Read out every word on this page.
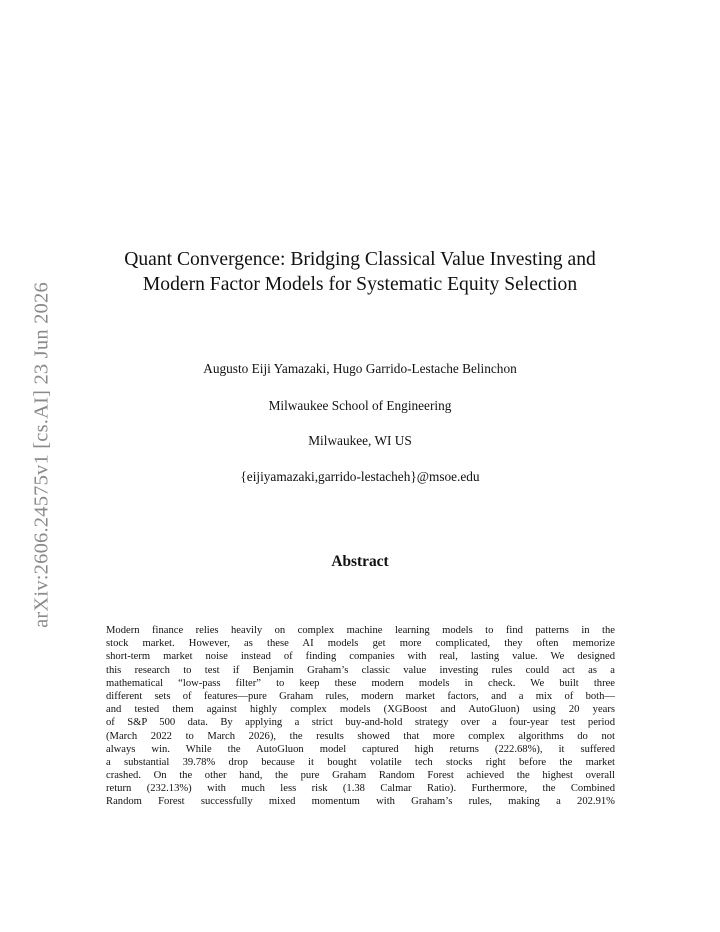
arXiv:2606.24575v1 [cs.AI] 23 Jun 2026
Quant Convergence: Bridging Classical Value Investing and
Modern Factor Models for Systematic Equity Selection
Augusto Eiji Yamazaki, Hugo Garrido-Lestache Belinchon
Milwaukee School of Engineering
Milwaukee, WI US
{eijiyamazaki,garrido-lestacheh}@msoe.edu
Abstract
Modern finance relies heavily on complex machine learning models to find patterns in the
stock market. However, as these AI models get more complicated, they often memorize
short-term market noise instead of finding companies with real, lasting value. We designed
this research to test if Benjamin Graham’s classic value investing rules could act as a
mathematical “low-pass filter” to keep these modern models in check. We built three
different sets of features—pure Graham rules, modern market factors, and a mix of both—
and tested them against highly complex models (XGBoost and AutoGluon) using 20 years
of S&P 500 data. By applying a strict buy-and-hold strategy over a four-year test period
(March 2022 to March 2026), the results showed that more complex algorithms do not
always win. While the AutoGluon model captured high returns (222.68%), it suffered
a substantial 39.78% drop because it bought volatile tech stocks right before the market
crashed. On the other hand, the pure Graham Random Forest achieved the highest overall
return (232.13%) with much less risk (1.38 Calmar Ratio). Furthermore, the Combined
Random Forest successfully mixed momentum with Graham’s rules, making a 202.91%
